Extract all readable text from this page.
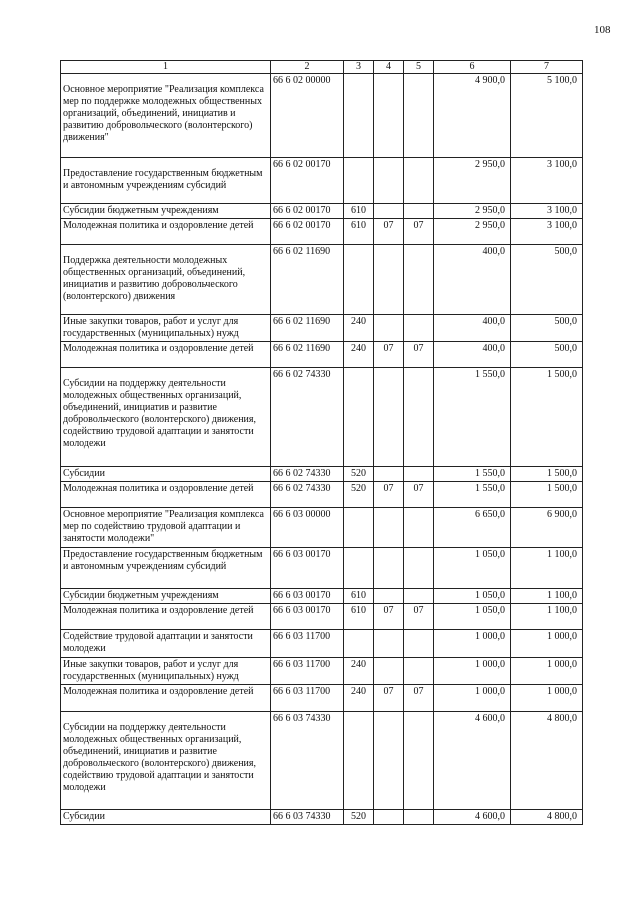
108
1	2	3	4	5	6	7

Основное мероприятие "Реализация комплекса мер по поддержке молодежных общественных организаций, объединений, инициатив и развитию добровольческого (волонтерского) движения"	66 6 02 00000				4 900,0	5 100,0

Предоставление государственным бюджетным и автономным учреждениям субсидий	66 6 02 00170				2 950,0	3 100,0

Субсидии бюджетным учреждениям	66 6 02 00170	610			2 950,0	3 100,0

Молодежная политика и оздоровление детей	66 6 02 00170	610	07	07	2 950,0	3 100,0

Поддержка деятельности молодежных общественных организаций, объединений, инициатив и развитию добровольческого (волонтерского) движения	66 6 02 11690				400,0	500,0

Иные закупки товаров, работ и услуг для государственных (муниципальных) нужд	66 6 02 11690	240			400,0	500,0

Молодежная политика и оздоровление детей	66 6 02 11690	240	07	07	400,0	500,0

Субсидии на поддержку деятельности молодежных общественных организаций, объединений, инициатив и развитие добровольческого (волонтерского) движения, содействию трудовой адаптации и занятости молодежи	66 6 02 74330				1 550,0	1 500,0

Субсидии	66 6 02 74330	520			1 550,0	1 500,0

Молодежная политика и оздоровление детей	66 6 02 74330	520	07	07	1 550,0	1 500,0

Основное мероприятие "Реализация комплекса мер по содействию трудовой адаптации и занятости молодежи"	66 6 03 00000				6 650,0	6 900,0

Предоставление государственным бюджетным и автономным учреждениям субсидий	66 6 03 00170				1 050,0	1 100,0

Субсидии бюджетным учреждениям	66 6 03 00170	610			1 050,0	1 100,0

Молодежная политика и оздоровление детей	66 6 03 00170	610	07	07	1 050,0	1 100,0

Содействие трудовой адаптации и занятости молодежи	66 6 03 11700				1 000,0	1 000,0

Иные закупки товаров, работ и услуг для государственных (муниципальных) нужд	66 6 03 11700	240			1 000,0	1 000,0

Молодежная политика и оздоровление детей	66 6 03 11700	240	07	07	1 000,0	1 000,0

Субсидии на поддержку деятельности молодежных общественных организаций, объединений, инициатив и развитие добровольческого (волонтерского) движения, содействию трудовой адаптации и занятости молодежи	66 6 03 74330				4 600,0	4 800,0

Субсидии	66 6 03 74330	520			4 600,0	4 800,0
